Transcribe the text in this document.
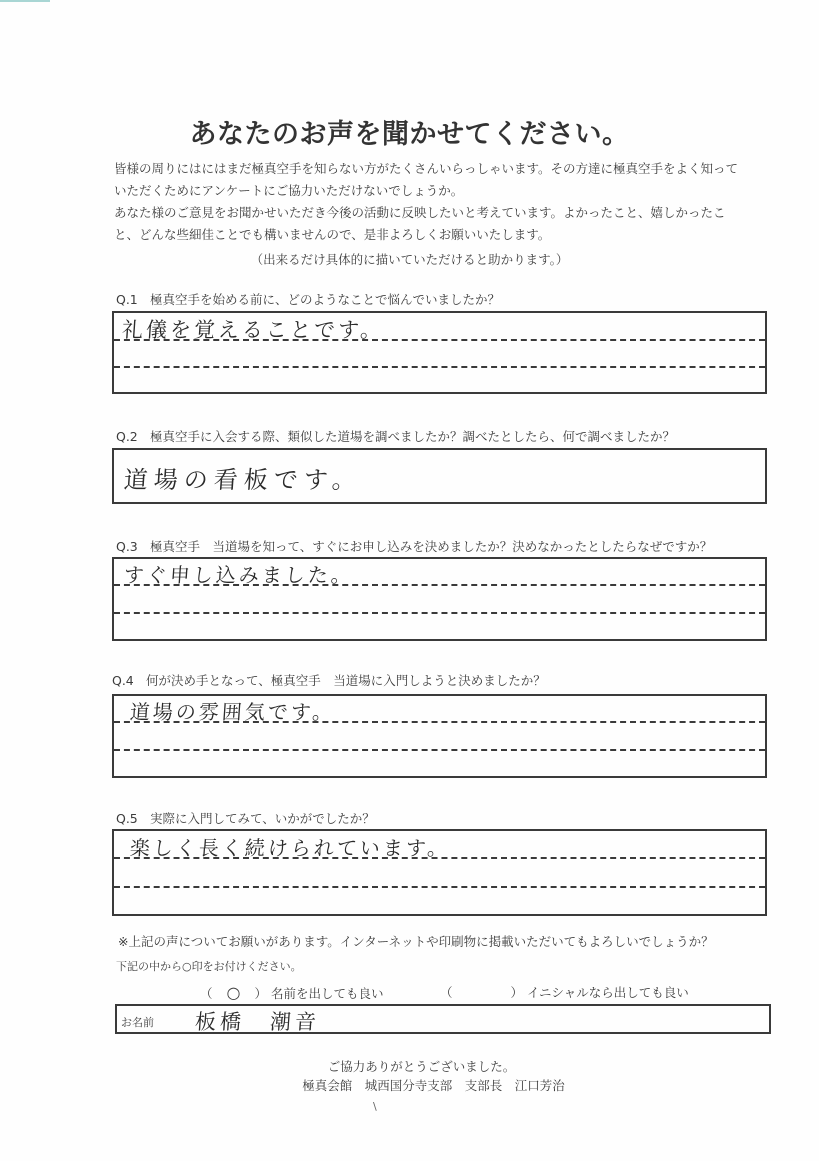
あなたのお声を聞かせてください。
皆様の周りにはにはまだ極真空手を知らない方がたくさんいらっしゃいます。その方達に極真空手をよく知って
いただくためにアンケートにご協力いただけないでしょうか。
あなた様のご意見をお聞かせいただき今後の活動に反映したいと考えています。よかったこと、嬉しかったこ
と、どんな些細佳ことでも構いませんので、是非よろしくお願いいたします。
（出来るだけ具体的に描いていただけると助かります。）
Q.1 極真空手を始める前に、どのようなことで悩んでいましたか？
礼儀を覚えることです。
Q.2 極真空手に入会する際、類似した道場を調べましたか？調べたとしたら、何で調べましたか？
道場の看板です。
Q.3 極真空手　当道場を知って、すぐにお申し込みを決めましたか？決めなかったとしたらなぜですか？
すぐ申し込みました。
Q.4 何が決め手となって、極真空手　当道場に入門しようと決めましたか？
道場の雰囲気です。
Q.5 実際に入門してみて、いかがでしたか？
楽しく長く続けられています。
※上記の声についてお願いがあります。インターネットや印刷物に掲載いただいてもよろしいでしょうか？
下記の中から○印をお付けください。
（ ○ ） 名前を出しても良い	（	） イニシャルなら出しても良い
お名前 板橋　潮音
ご協力ありがとうございました。
極真会館　城西国分寺支部　支部長　江口芳治
\
